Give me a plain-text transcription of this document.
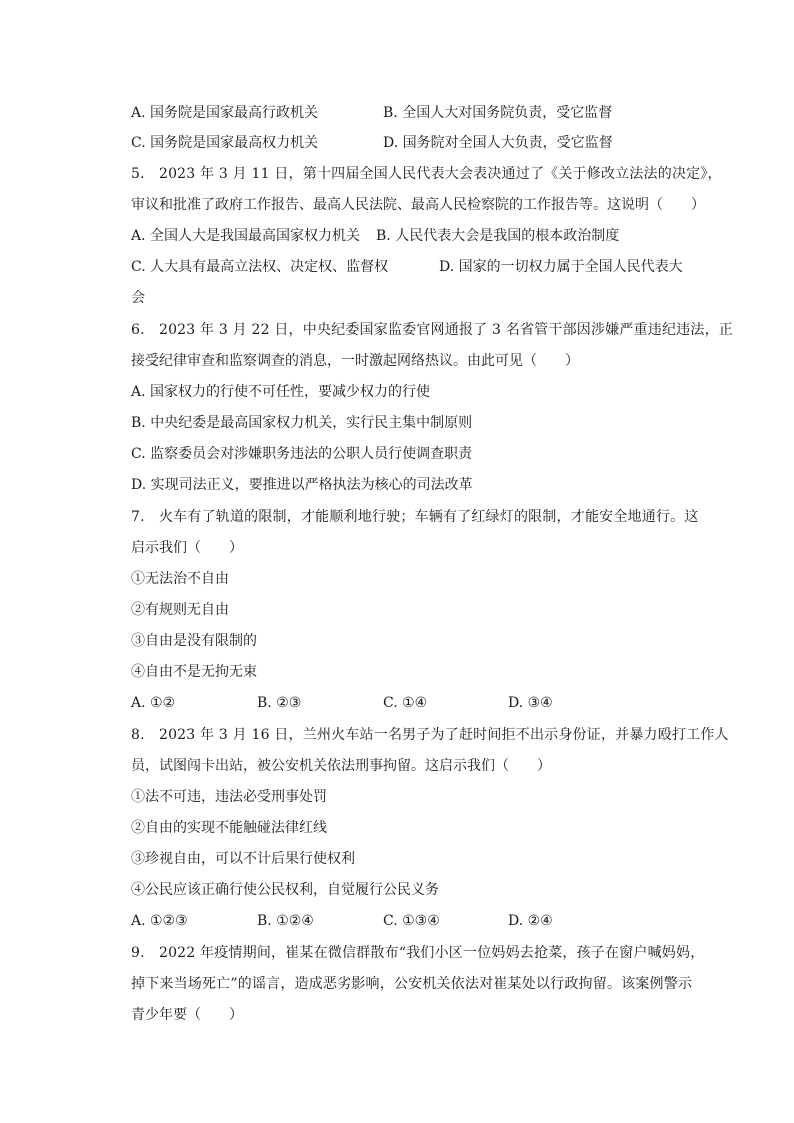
A. 国务院是国家最高行政机关	B. 全国人大对国务院负责，受它监督
C. 国务院是国家最高权力机关	D. 国务院对全国人大负责，受它监督
5.　2023 年 3 月 11 日，第十四届全国人民代表大会表决通过了《关于修改立法法的决定》，
审议和批准了政府工作报告、最高人民法院、最高人民检察院的工作报告等。这说明（　　）
A. 全国人大是我国最高国家权力机关 B. 人民代表大会是我国的根本政治制度
C. 人大具有最高立法权、决定权、监督权	D. 国家的一切权力属于全国人民代表大
会
6.　2023 年 3 月 22 日，中央纪委国家监委官网通报了 3 名省管干部因涉嫌严重违纪违法，正
接受纪律审查和监察调查的消息，一时激起网络热议。由此可见（　　）
A. 国家权力的行使不可任性，要减少权力的行使
B. 中央纪委是最高国家权力机关，实行民主集中制原则
C. 监察委员会对涉嫌职务违法的公职人员行使调查职责
D. 实现司法正义，要推进以严格执法为核心的司法改革
7.　火车有了轨道的限制，才能顺利地行驶；车辆有了红绿灯的限制，才能安全地通行。这
启示我们（　　）
①无法治不自由
②有规则无自由
③自由是没有限制的
④自由不是无拘无束
A. ①②	B. ②③	C. ①④	D. ③④
8.　2023 年 3 月 16 日，兰州火车站一名男子为了赶时间拒不出示身份证，并暴力殴打工作人
员，试图闯卡出站，被公安机关依法刑事拘留。这启示我们（　　）
①法不可违，违法必受刑事处罚
②自由的实现不能触碰法律红线
③珍视自由，可以不计后果行使权利
④公民应该正确行使公民权利，自觉履行公民义务
A. ①②③	B. ①②④	C. ①③④	D. ②④
9.　2022 年疫情期间，崔某在微信群散布“我们小区一位妈妈去抢菜，孩子在窗户喊妈妈，
掉下来当场死亡”的谣言，造成恶劣影响，公安机关依法对崔某处以行政拘留。该案例警示
青少年要（　　）
